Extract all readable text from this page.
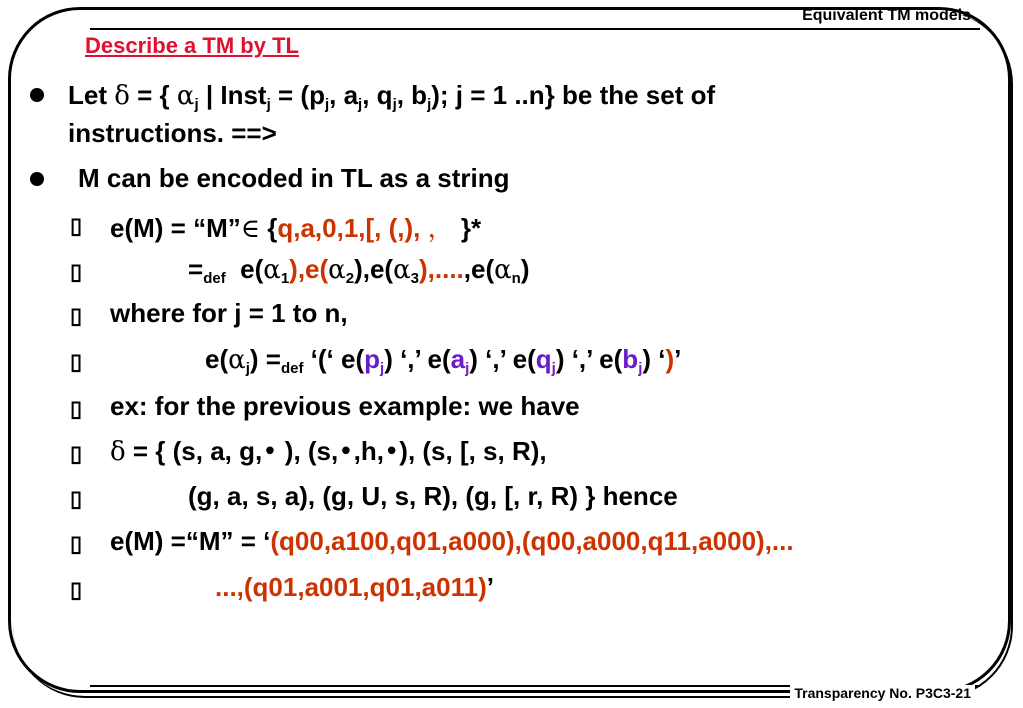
Equivalent TM models
Transparency No. P3C3-21
Describe a TM by TL
Let δ = { $\alpha_j$ | Inst$_j$ = ($p_j$, $a_j$, $q_j$, $b_j$); j = 1 ..n} be the set of
instructions. ==>
M can be encoded in TL as a string
▯ e(M) = “M”∈ {q,a,0,1,[, (,), ， }*
▯	$=_{def}$ $e(\alpha_1),e(\alpha_2),e(\alpha_3),....,e(\alpha_n)$
▯ where for j = 1 to n,
▯	$e(\alpha_j) =_{def}$ ‘(‘ $e(p_j)$ ‘,’ $e(a_j)$ ‘,’ $e(q_j)$ ‘,’ $e(b_j)$ ‘)’
▯ ex: for the previous example: we have
▯ δ = { (s, a, g,• ), (s,•,h,•), (s, [, s, R),
▯	(g, a, s, a), (g, U, s, R), (g, [, r, R) } hence
▯ e(M) =“M” = ‘(q00,a100,q01,a000),(q00,a000,q11,a000),...
▯	...,(q01,a001,q01,a011)’
